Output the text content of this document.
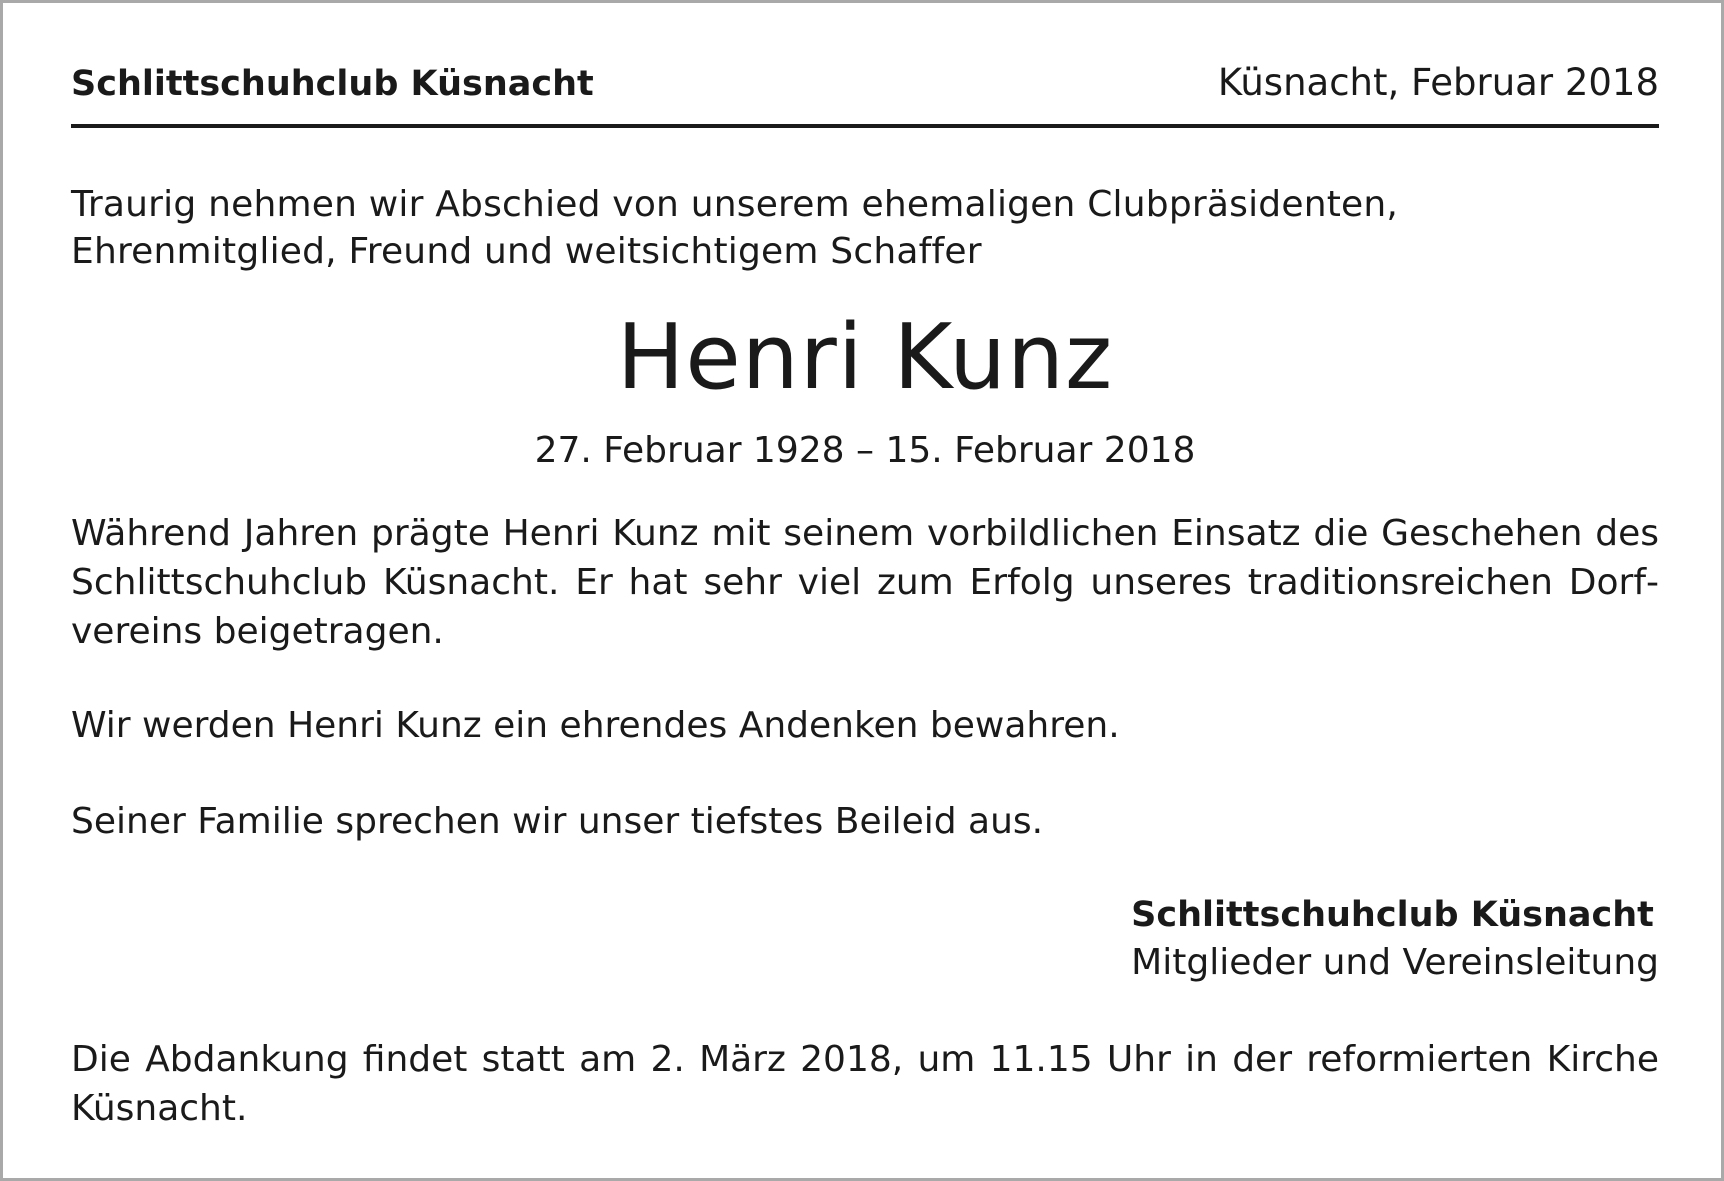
Schlittschuhclub Küsnacht	Küsnacht, Februar 2018
Traurig nehmen wir Abschied von unserem ehemaligen Clubpräsidenten, Ehrenmitglied, Freund und weitsichtigem Schaffer
Henri Kunz
27. Februar 1928 – 15. Februar 2018
Während Jahren prägte Henri Kunz mit seinem vorbildlichen Einsatz die Geschehen des Schlittschuhclub Küsnacht. Er hat sehr viel zum Erfolg unseres traditionsreichen Dorfvereins beigetragen.
Wir werden Henri Kunz ein ehrendes Andenken bewahren.
Seiner Familie sprechen wir unser tiefstes Beileid aus.
Schlittschuhclub Küsnacht
Mitglieder und Vereinsleitung
Die Abdankung findet statt am 2. März 2018, um 11.15 Uhr in der reformierten Kirche Küsnacht.
